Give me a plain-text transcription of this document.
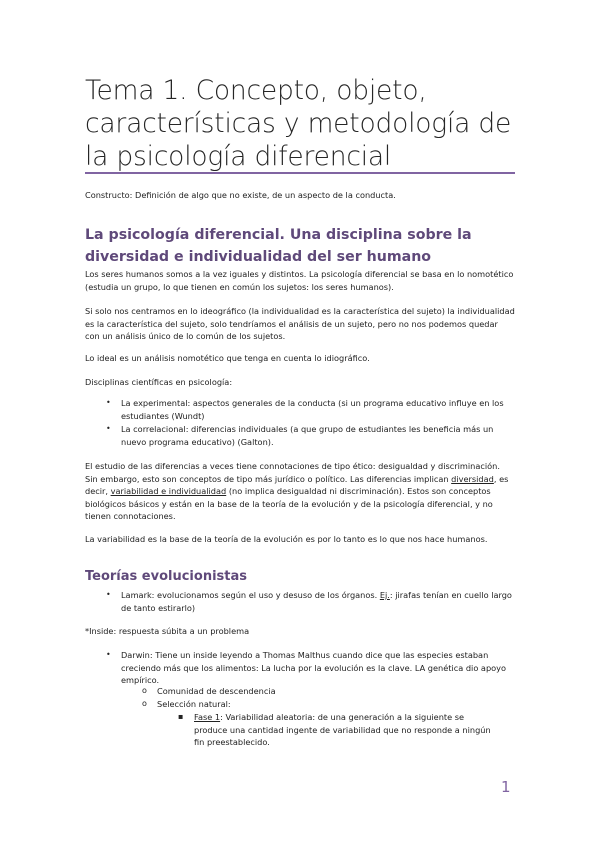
Tema 1. Concepto, objeto, características y metodología de la psicología diferencial

Constructo: Definición de algo que no existe, de un aspecto de la conducta.

La psicología diferencial. Una disciplina sobre la diversidad e individualidad del ser humano

Los seres humanos somos a la vez iguales y distintos. La psicología diferencial se basa en lo nomotético (estudia un grupo, lo que tienen en común los sujetos: los seres humanos).

Si solo nos centramos en lo ideográfico (la individualidad es la característica del sujeto) la individualidad es la característica del sujeto, solo tendríamos el análisis de un sujeto, pero no nos podemos quedar con un análisis único de lo común de los sujetos.

Lo ideal es un análisis nomotético que tenga en cuenta lo idiográfico.

Disciplinas científicas en psicología:

• La experimental: aspectos generales de la conducta (si un programa educativo influye en los estudiantes (Wundt)

• La correlacional: diferencias individuales (a que grupo de estudiantes les beneficia más un nuevo programa educativo) (Galton).

El estudio de las diferencias a veces tiene connotaciones de tipo ético: desigualdad y discriminación. Sin embargo, esto son conceptos de tipo más jurídico o político. Las diferencias implican diversidad, es decir, variabilidad e individualidad (no implica desigualdad ni discriminación). Estos son conceptos biológicos básicos y están en la base de la teoría de la evolución y de la psicología diferencial, y no tienen connotaciones.

La variabilidad es la base de la teoría de la evolución es por lo tanto es lo que nos hace humanos.

Teorías evolucionistas
• Lamark: evolucionamos según el uso y desuso de los órganos. Ej.: jirafas tenían en cuello largo de tanto estirarlo)

*Inside: respuesta súbita a un problema

• Darwin: Tiene un inside leyendo a Thomas Malthus cuando dice que las especies estaban creciendo más que los alimentos: La lucha por la evolución es la clave. LA genética dio apoyo empírico.

o Comunidad de descendencia

o Selección natural:

▪ Fase 1: Variabilidad aleatoria: de una generación a la siguiente se produce una cantidad ingente de variabilidad que no responde a ningún fin preestablecido.

1
